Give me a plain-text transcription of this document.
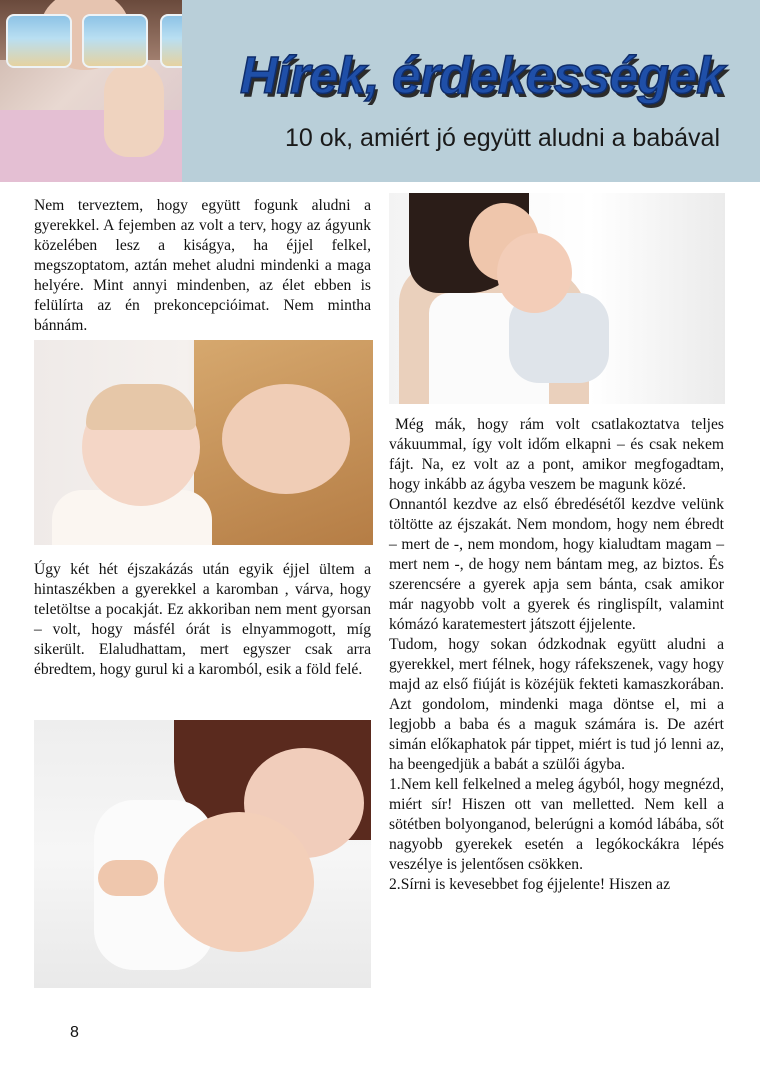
Hírek, érdekességek
10 ok, amiért jó együtt aludni a babával

Nem terveztem, hogy együtt fogunk aludni a gyerekkel. A fejemben az volt a terv, hogy az ágyunk közelében lesz a kiságya, ha éjjel felkel, megszoptatom, aztán mehet aludni mindenki a maga helyére. Mint annyi mindenben, az élet ebben is felülírta az én prekoncepcióimat. Nem mintha bánnám.

Úgy két hét éjszakázás után egyik éjjel ültem a hintaszékben a gyerekkel a karomban , várva, hogy teletöltse a pocakját. Ez akkoriban nem ment gyorsan – volt, hogy másfél órát is elnyammogott, míg sikerült. Elaludhattam, mert egyszer csak arra ébredtem, hogy gurul ki a karomból, esik a föld felé.

Még mák, hogy rám volt csatlakoztatva teljes vákuummal, így volt időm elkapni – és csak nekem fájt. Na, ez volt az a pont, amikor megfogadtam, hogy inkább az ágyba veszem be magunk közé.

Onnantól kezdve az első ébredésétől kezdve velünk töltötte az éjszakát. Nem mondom, hogy nem ébredt – mert de -, nem mondom, hogy kialudtam magam – mert nem -, de hogy nem bántam meg, az biztos. És szerencsére a gyerek apja sem bánta, csak amikor már nagyobb volt a gyerek és ringlispílt, valamint kómázó karatemestert játszott éjjelente.

Tudom, hogy sokan ódzkodnak együtt aludni a gyerekkel, mert félnek, hogy ráfekszenek, vagy hogy majd az első fiúját is közéjük fekteti kamaszkorában. Azt gondolom, mindenki maga döntse el, mi a legjobb a baba és a maguk számára is. De azért simán előkaphatok pár tippet, miért is tud jó lenni az, ha beengedjük a babát a szülői ágyba.

1.Nem kell felkelned a meleg ágyból, hogy megnézd, miért sír! Hiszen ott van melletted. Nem kell a sötétben bolyonganod, belerúgni a komód lábába, sőt nagyobb gyerekek esetén a legókockákra lépés veszélye is jelentősen csökken.

2.Sírni is kevesebbet fog éjjelente! Hiszen az

8
